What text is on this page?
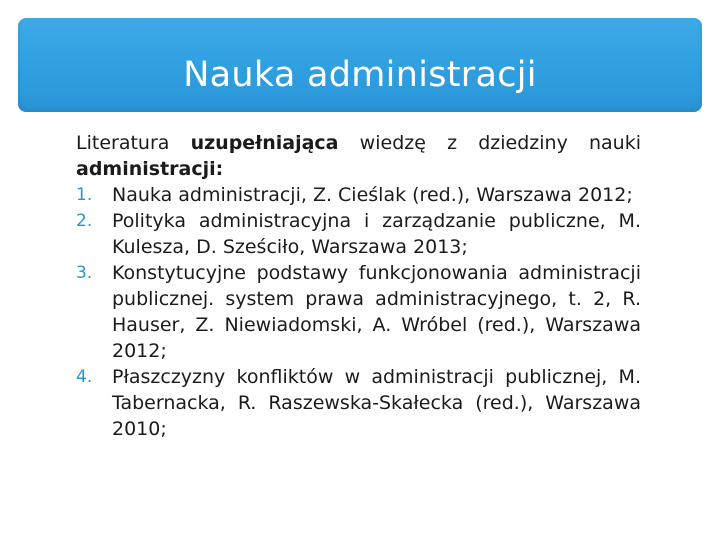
Nauka administracji

Literatura uzupełniająca wiedzę z dziedziny nauki administracji:

1. Nauka administracji, Z. Cieślak (red.), Warszawa 2012;
2. Polityka administracyjna i zarządzanie publiczne, M. Kulesza, D. Sześciło, Warszawa 2013;
3. Konstytucyjne podstawy funkcjonowania administracji publicznej. system prawa administracyjnego, t. 2, R. Hauser, Z. Niewiadomski, A. Wróbel (red.), Warszawa 2012;
4. Płaszczyzny konfliktów w administracji publicznej, M. Tabernacka, R. Raszewska-Skałecka (red.), Warszawa 2010;
